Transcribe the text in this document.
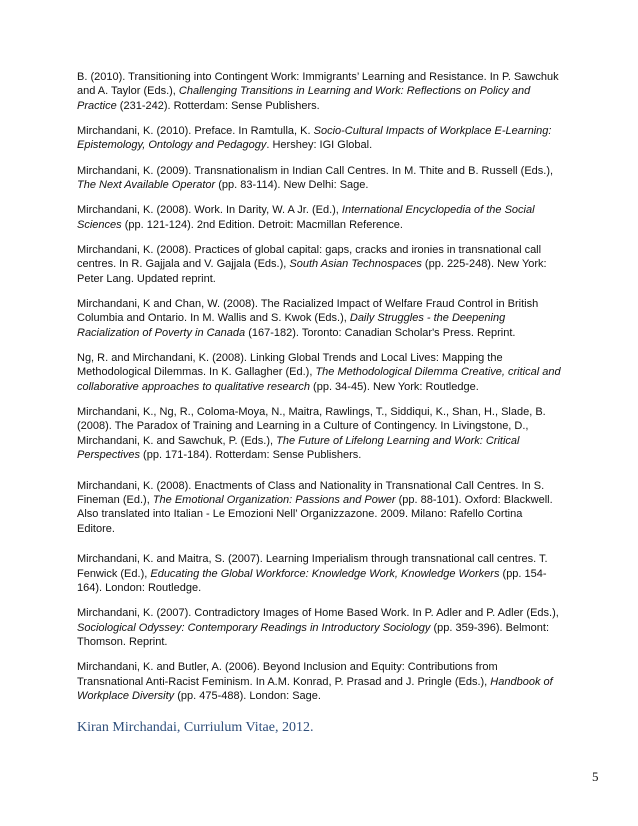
B. (2010). Transitioning into Contingent Work: Immigrants’ Learning and Resistance. In P. Sawchuk and A. Taylor (Eds.), Challenging Transitions in Learning and Work: Reflections on Policy and Practice (231-242). Rotterdam: Sense Publishers.

Mirchandani, K. (2010). Preface. In Ramtulla, K. Socio-Cultural Impacts of Workplace E-Learning: Epistemology, Ontology and Pedagogy. Hershey: IGI Global.

Mirchandani, K. (2009). Transnationalism in Indian Call Centres. In M. Thite and B. Russell (Eds.), The Next Available Operator (pp. 83-114). New Delhi: Sage.

Mirchandani, K. (2008). Work. In Darity, W. A Jr. (Ed.), International Encyclopedia of the Social Sciences (pp. 121-124). 2nd Edition. Detroit: Macmillan Reference.

Mirchandani, K. (2008). Practices of global capital: gaps, cracks and ironies in transnational call centres. In R. Gajjala and V. Gajjala (Eds.), South Asian Technospaces (pp. 225-248). New York: Peter Lang. Updated reprint.

Mirchandani, K and Chan, W. (2008). The Racialized Impact of Welfare Fraud Control in British Columbia and Ontario. In M. Wallis and S. Kwok (Eds.), Daily Struggles - the Deepening Racialization of Poverty in Canada (167-182). Toronto: Canadian Scholar's Press. Reprint.

Ng, R. and Mirchandani, K. (2008). Linking Global Trends and Local Lives: Mapping the Methodological Dilemmas. In K. Gallagher (Ed.), The Methodological Dilemma Creative, critical and collaborative approaches to qualitative research (pp. 34-45). New York: Routledge.

Mirchandani, K., Ng, R., Coloma-Moya, N., Maitra, Rawlings, T., Siddiqui, K., Shan, H., Slade, B. (2008). The Paradox of Training and Learning in a Culture of Contingency. In Livingstone, D., Mirchandani, K. and Sawchuk, P. (Eds.), The Future of Lifelong Learning and Work: Critical Perspectives (pp. 171-184). Rotterdam: Sense Publishers.

Mirchandani, K. (2008). Enactments of Class and Nationality in Transnational Call Centres. In S. Fineman (Ed.), The Emotional Organization: Passions and Power (pp. 88-101). Oxford: Blackwell. Also translated into Italian - Le Emozioni Nell’ Organizzazone. 2009. Milano: Rafello Cortina Editore.

Mirchandani, K. and Maitra, S. (2007). Learning Imperialism through transnational call centres. T. Fenwick (Ed.), Educating the Global Workforce: Knowledge Work, Knowledge Workers (pp. 154-164). London: Routledge.

Mirchandani, K. (2007). Contradictory Images of Home Based Work. In P. Adler and P. Adler (Eds.), Sociological Odyssey: Contemporary Readings in Introductory Sociology (pp. 359-396). Belmont: Thomson. Reprint.

Mirchandani, K. and Butler, A. (2006). Beyond Inclusion and Equity: Contributions from Transnational Anti-Racist Feminism. In A.M. Konrad, P. Prasad and J. Pringle (Eds.), Handbook of Workplace Diversity (pp. 475-488). London: Sage.

Kiran Mirchandai, Curriulum Vitae, 2012.
5
